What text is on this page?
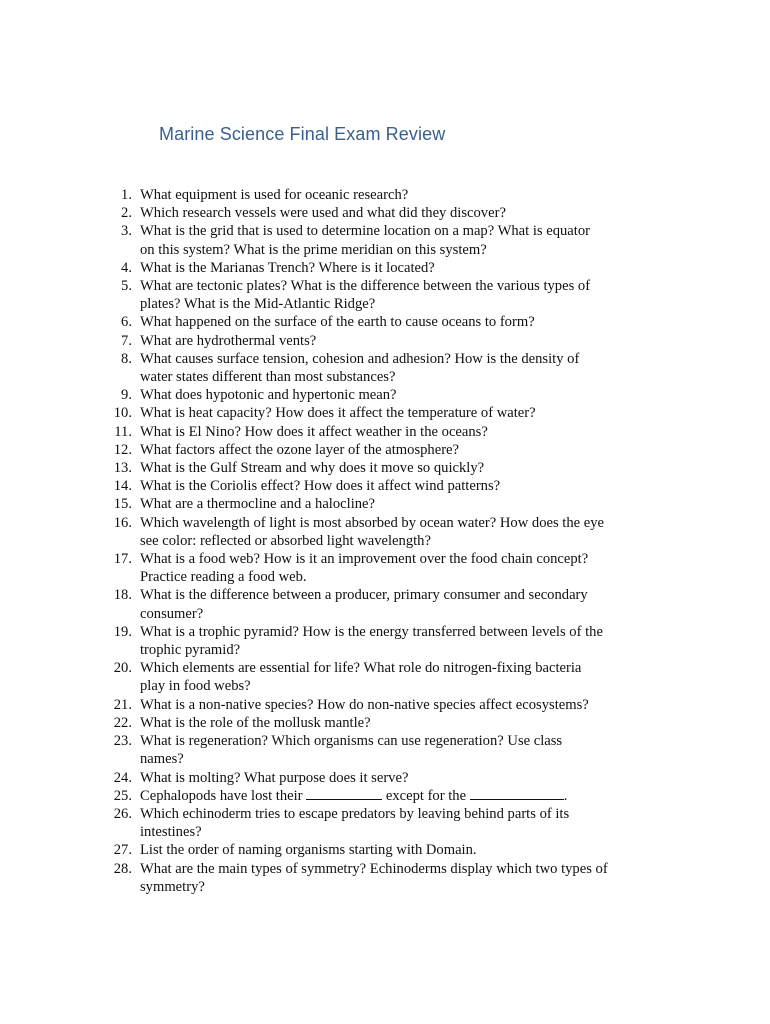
Marine Science Final Exam Review
1. What equipment is used for oceanic research?
2. Which research vessels were used and what did they discover?
3. What is the grid that is used to determine location on a map? What is equator
on this system? What is the prime meridian on this system?
4. What is the Marianas Trench? Where is it located?
5. What are tectonic plates? What is the difference between the various types of
plates? What is the Mid-Atlantic Ridge?
6. What happened on the surface of the earth to cause oceans to form?
7. What are hydrothermal vents?
8. What causes surface tension, cohesion and adhesion? How is the density of
water states different than most substances?
9. What does hypotonic and hypertonic mean?
10. What is heat capacity? How does it affect the temperature of water?
11. What is El Nino? How does it affect weather in the oceans?
12. What factors affect the ozone layer of the atmosphere?
13. What is the Gulf Stream and why does it move so quickly?
14. What is the Coriolis effect? How does it affect wind patterns?
15. What are a thermocline and a halocline?
16. Which wavelength of light is most absorbed by ocean water? How does the eye
see color: reflected or absorbed light wavelength?
17. What is a food web? How is it an improvement over the food chain concept?
Practice reading a food web.
18. What is the difference between a producer, primary consumer and secondary
consumer?
19. What is a trophic pyramid? How is the energy transferred between levels of the
trophic pyramid?
20. Which elements are essential for life? What role do nitrogen-fixing bacteria
play in food webs?
21. What is a non-native species? How do non-native species affect ecosystems?
22. What is the role of the mollusk mantle?
23. What is regeneration? Which organisms can use regeneration? Use class
names?
24. What is molting? What purpose does it serve?
25. Cephalopods have lost their	except for the	.
26. Which echinoderm tries to escape predators by leaving behind parts of its
intestines?
27. List the order of naming organisms starting with Domain.
28. What are the main types of symmetry? Echinoderms display which two types of
symmetry?
